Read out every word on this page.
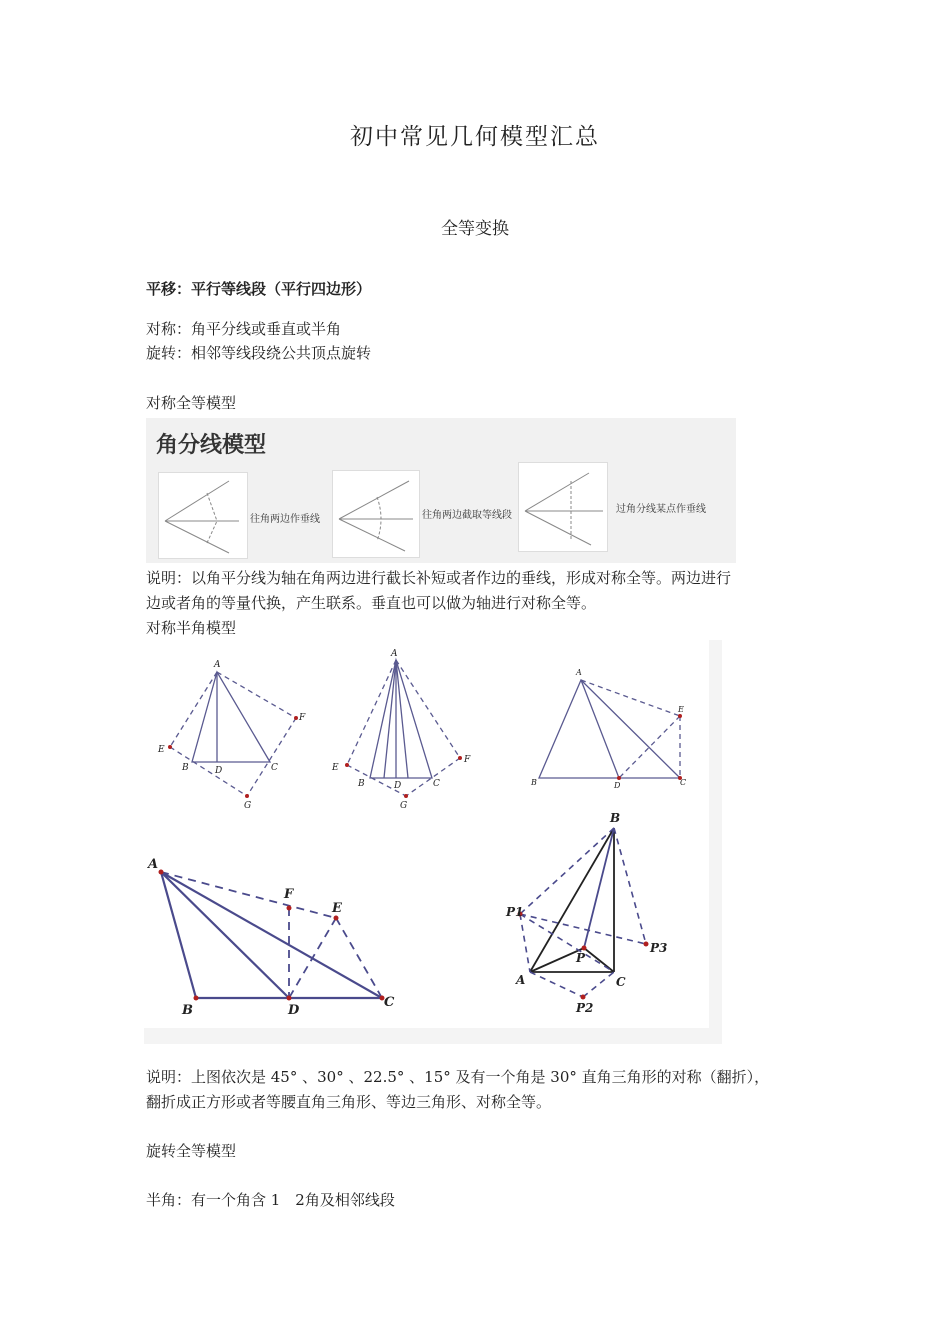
初中常见几何模型汇总
全等变换
平移：平行等线段（平行四边形）
对称：角平分线或垂直或半角
旋转：相邻等线段绕公共顶点旋转
对称全等模型
角分线模型
往角两边作垂线	往角两边截取等线段
过角分线某点作垂线
说明：以角平分线为轴在角两边进行截长补短或者作边的垂线，形成对称全等。两边进行
边或者角的等量代换，产生联系。垂直也可以做为轴进行对称全等。
对称半角模型
A
B	C
D
E
F
G
A
B	C
D
E
F
G
A
B	C
D
E
A
B
C
D
E
F
B
A	C
P
P1
P2
P3
说明：上图依次是 45° 、30° 、22.5° 、15° 及有一个角是 30° 直角三角形的对称（翻折），
翻折成正方形或者等腰直角三角形、等边三角形、对称全等。
旋转全等模型
半角：有一个角含 1　2角及相邻线段
